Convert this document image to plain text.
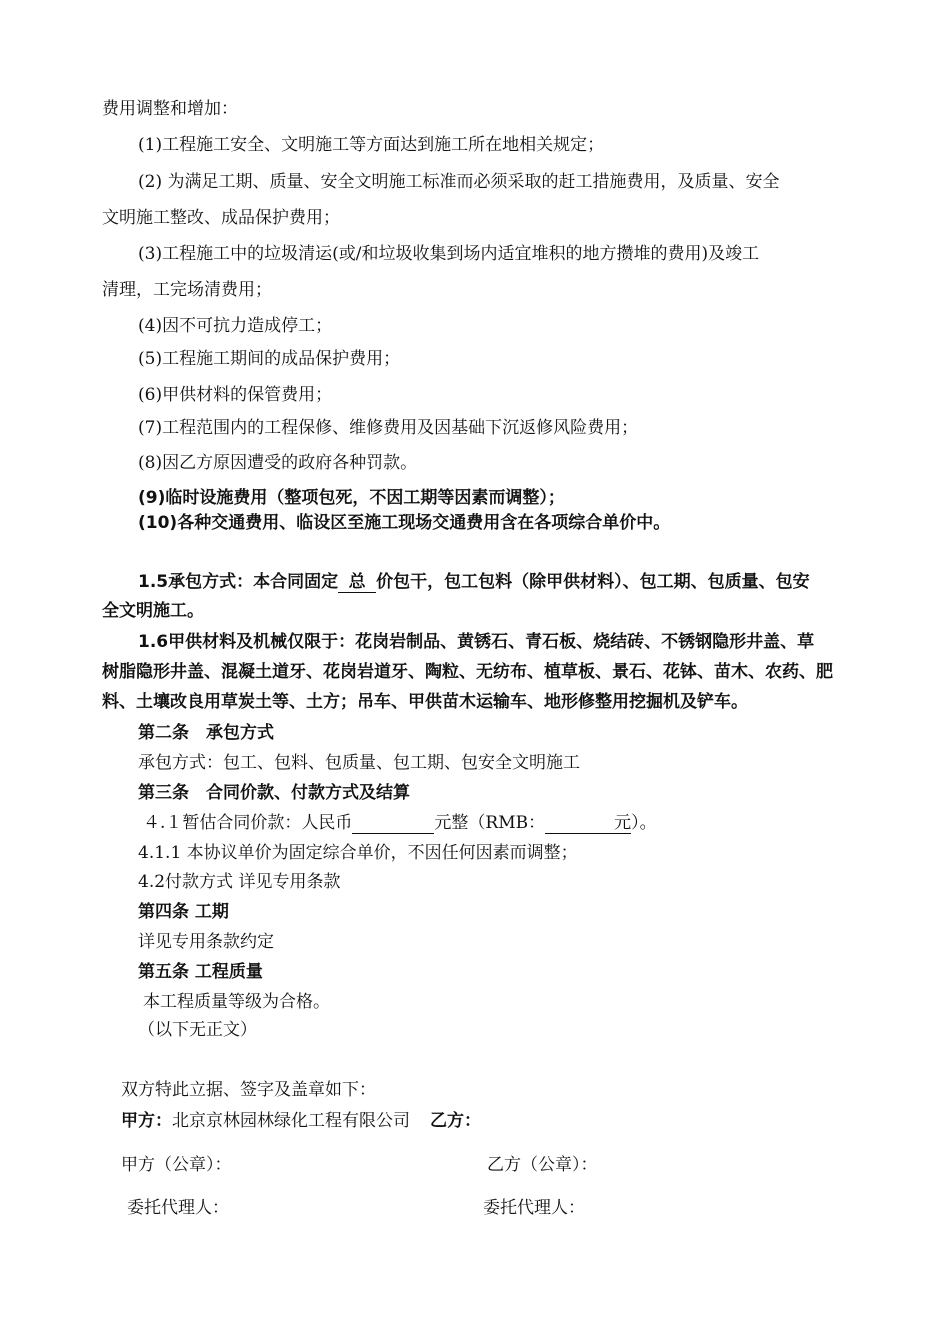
费用调整和增加：
(1)工程施工安全、文明施工等方面达到施工所在地相关规定；
(2) 为满足工期、质量、安全文明施工标准而必须采取的赶工措施费用，及质量、安全
文明施工整改、成品保护费用；
(3)工程施工中的垃圾清运(或/和垃圾收集到场内适宜堆积的地方攒堆的费用)及竣工
清理，工完场清费用；
(4)因不可抗力造成停工；
(5)工程施工期间的成品保护费用；
(6)甲供材料的保管费用；
(7)工程范围内的工程保修、维修费用及因基础下沉返修风险费用；
(8)因乙方原因遭受的政府各种罚款。
(9)临时设施费用（整项包死，不因工期等因素而调整）；
(10)各种交通费用、临设区至施工现场交通费用含在各项综合单价中。
1.5承包方式：本合同固定 总 价包干，包工包料（除甲供材料）、包工期、包质量、包安
全文明施工。
1.6甲供材料及机械仅限于：花岗岩制品、黄锈石、青石板、烧结砖、不锈钢隐形井盖、草
树脂隐形井盖、混凝土道牙、花岗岩道牙、陶粒、无纺布、植草板、景石、花钵、苗木、农药、肥
料、土壤改良用草炭土等、土方；吊车、甲供苗木运输车、地形修整用挖掘机及铲车。
第二条　承包方式
承包方式：包工、包料、包质量、包工期、包安全文明施工
第三条　合同价款、付款方式及结算
４.１暂估合同价款：人民币	元整（RMB：	元）。
4.1.1 本协议单价为固定综合单价，不因任何因素而调整；
4.2付款方式 详见专用条款
第四条 工期
详见专用条款约定
第五条 工程质量
本工程质量等级为合格。
（以下无正文）
双方特此立据、签字及盖章如下：
甲方：北京京林园林绿化工程有限公司 乙方：
甲方（公章）：	乙方（公章）：
委托代理人：	委托代理人：
